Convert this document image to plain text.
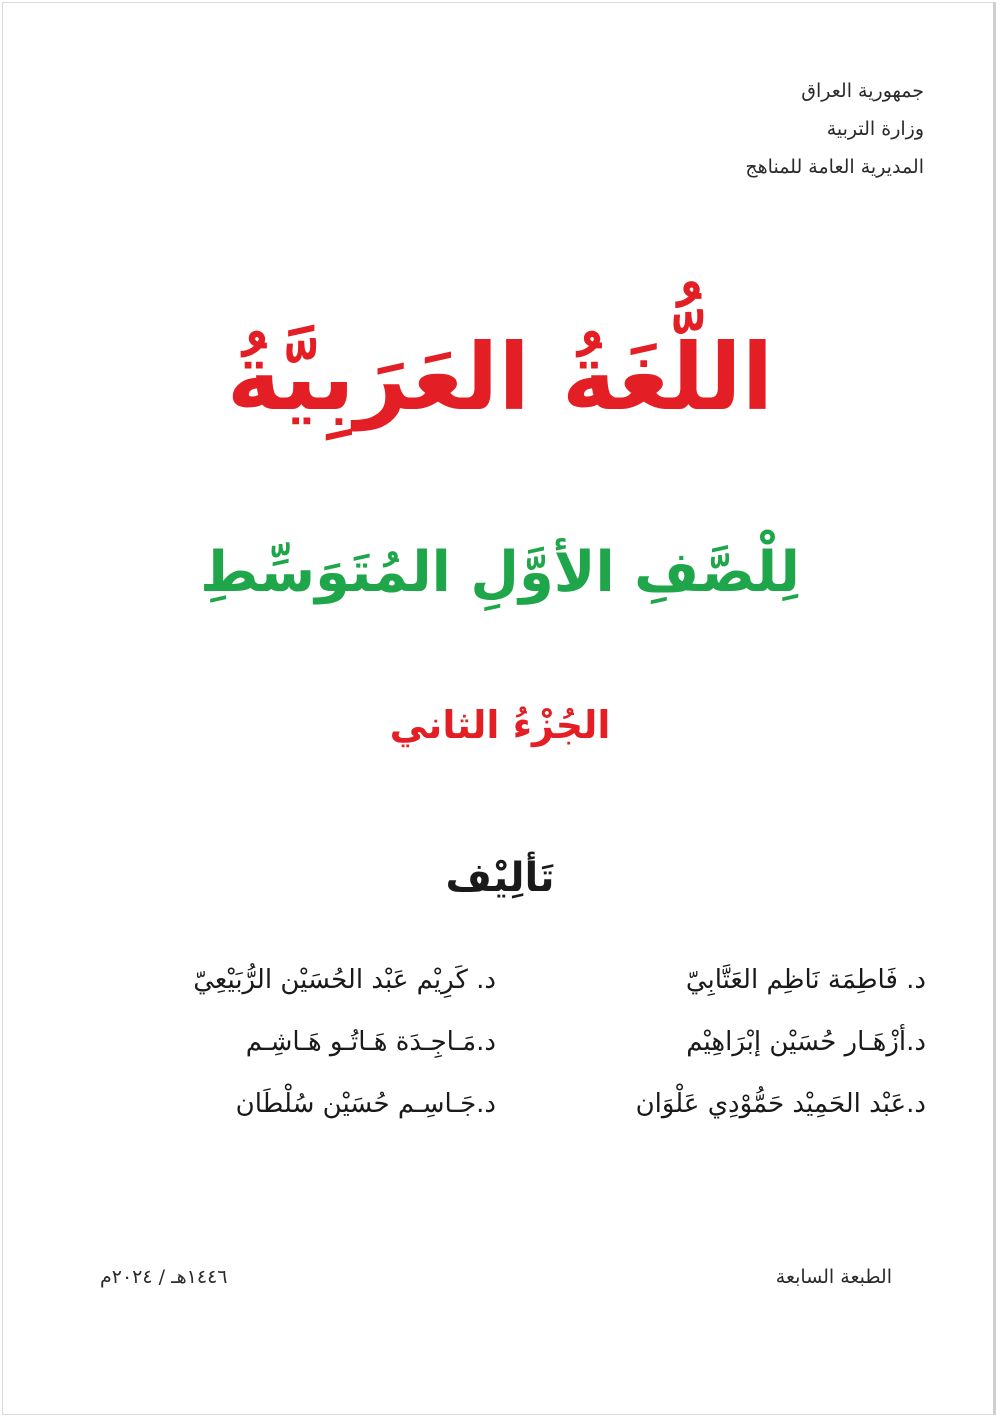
جمهورية العراق
وزارة التربية
المديرية العامة للمناهج
اللُّغَةُ العَرَبِيَّةُ
لِلْصَّفِ الأوَّلِ المُتَوَسِّطِ
الجُزْءُ الثاني
تَألِيْف
د. فَاطِمَة نَاظِم العَتَّابِيّ
د. كَرِيْم عَبْد الحُسَيْن الرُّبَيْعِيّ
د.أزْهَـار حُسَيْن إبْرَاهِيْم
د.مَـاجِـدَة هَـاتُـو هَـاشِـم
د.عَبْد الحَمِيْد حَمُّوْدِي عَلْوَان
د.جَـاسِـم حُسَيْن سُلْطَان
الطبعة السابعة
١٤٤٦هـ / ٢٠٢٤م
